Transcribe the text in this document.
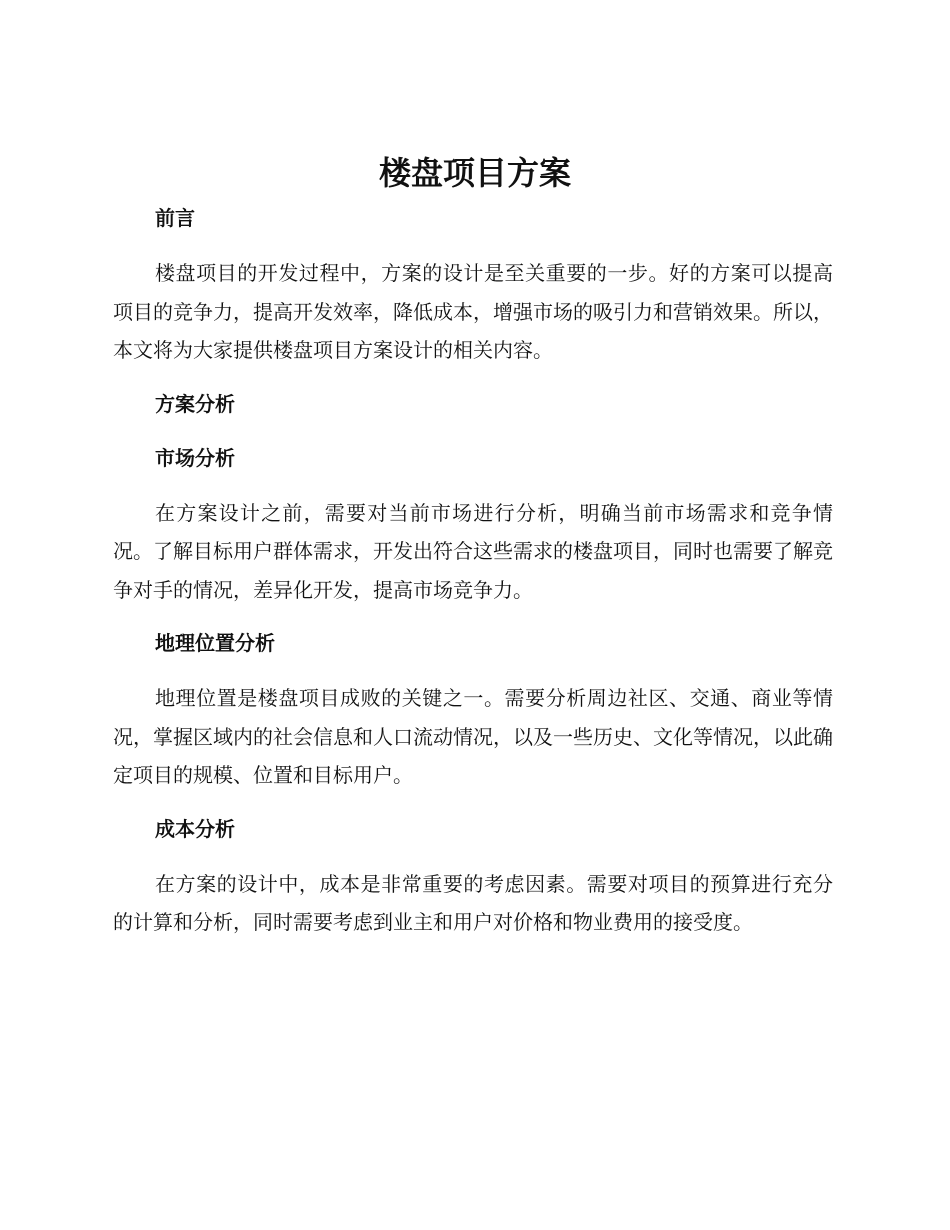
楼盘项目方案
前言

楼盘项目的开发过程中，方案的设计是至关重要的一步。好的方案可以提高项目的竞争力，提高开发效率，降低成本，增强市场的吸引力和营销效果。所以，本文将为大家提供楼盘项目方案设计的相关内容。

方案分析
市场分析

在方案设计之前，需要对当前市场进行分析，明确当前市场需求和竞争情况。了解目标用户群体需求，开发出符合这些需求的楼盘项目，同时也需要了解竞争对手的情况，差异化开发，提高市场竞争力。

地理位置分析

地理位置是楼盘项目成败的关键之一。需要分析周边社区、交通、商业等情况，掌握区域内的社会信息和人口流动情况，以及一些历史、文化等情况，以此确定项目的规模、位置和目标用户。

成本分析

在方案的设计中，成本是非常重要的考虑因素。需要对项目的预算进行充分的计算和分析，同时需要考虑到业主和用户对价格和物业费用的接受度。
